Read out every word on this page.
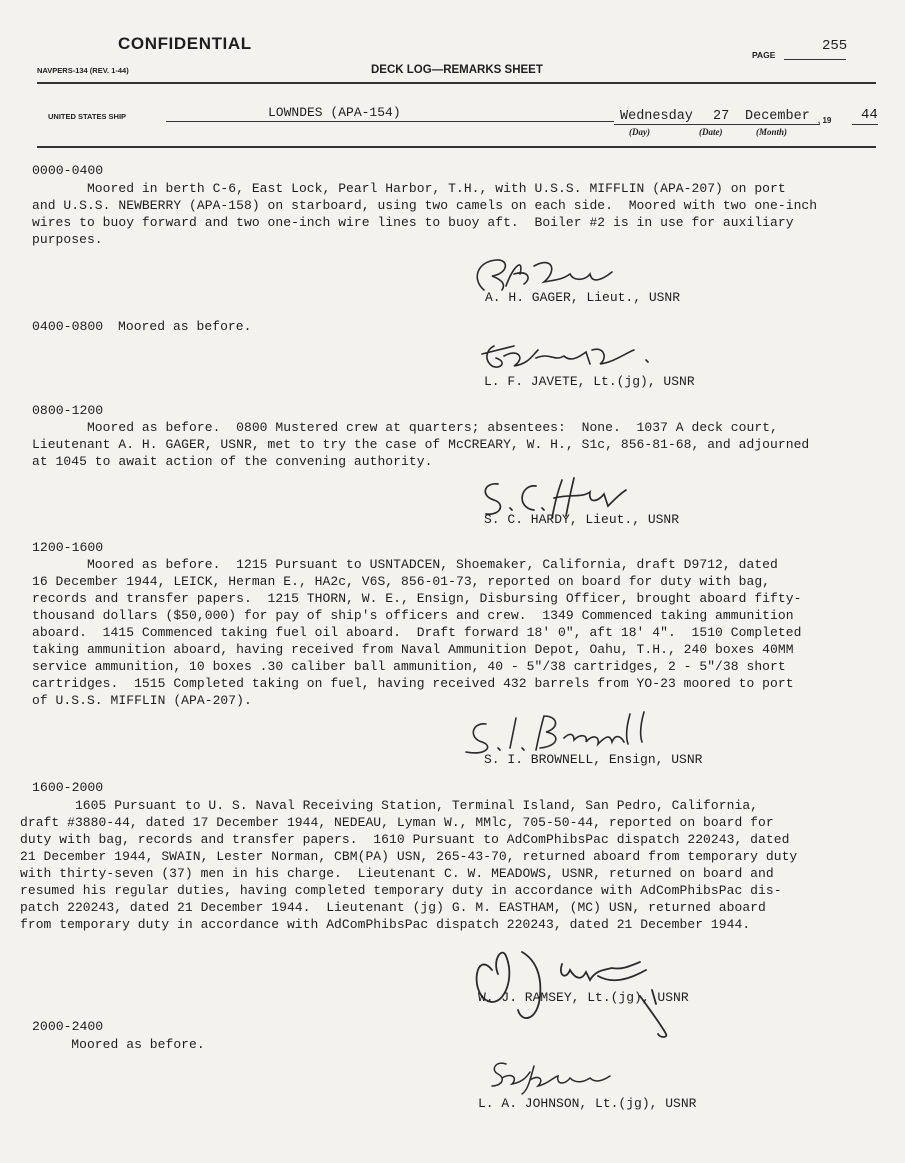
CONFIDENTIAL
PAGE
255
NAVPERS-134 (REV. 1-44)	DECK LOG—REMARKS SHEET
UNITED STATES SHIP	LOWNDES (APA-154)	Wednesday 27 December , 19 44
(Day)	(Date)	(Month)
0000-0400
Moored in berth C-6, East Lock, Pearl Harbor, T.H., with U.S.S. MIFFLIN (APA-207) on port
and U.S.S. NEWBERRY (APA-158) on starboard, using two camels on each side.  Moored with two one-inch
wires to buoy forward and two one-inch wire lines to buoy aft.  Boiler #2 is in use for auxiliary
purposes.
A. H. GAGER, Lieut., USNR
0400-0800 Moored as before.
L. F. JAVETE, Lt.(jg), USNR
0800-1200
Moored as before.  0800 Mustered crew at quarters; absentees:  None.  1037 A deck court,
Lieutenant A. H. GAGER, USNR, met to try the case of McCREARY, W. H., S1c, 856-81-68, and adjourned
at 1045 to await action of the convening authority.
S. C. HARDY, Lieut., USNR
1200-1600
Moored as before.  1215 Pursuant to USNTADCEN, Shoemaker, California, draft D9712, dated
16 December 1944, LEICK, Herman E., HA2c, V6S, 856-01-73, reported on board for duty with bag,
records and transfer papers.  1215 THORN, W. E., Ensign, Disbursing Officer, brought aboard fifty-
thousand dollars ($50,000) for pay of ship's officers and crew.  1349 Commenced taking ammunition
aboard.  1415 Commenced taking fuel oil aboard.  Draft forward 18' 0", aft 18' 4".  1510 Completed
taking ammunition aboard, having received from Naval Ammunition Depot, Oahu, T.H., 240 boxes 40MM
service ammunition, 10 boxes .30 caliber ball ammunition, 40 - 5"/38 cartridges, 2 - 5"/38 short
cartridges.  1515 Completed taking on fuel, having received 432 barrels from YO-23 moored to port
of U.S.S. MIFFLIN (APA-207).
S. I. BROWNELL, Ensign, USNR
1600-2000
1605 Pursuant to U. S. Naval Receiving Station, Terminal Island, San Pedro, California,
draft #3880-44, dated 17 December 1944, NEDEAU, Lyman W., MMlc, 705-50-44, reported on board for
duty with bag, records and transfer papers.  1610 Pursuant to AdComPhibsPac dispatch 220243, dated
21 December 1944, SWAIN, Lester Norman, CBM(PA) USN, 265-43-70, returned aboard from temporary duty
with thirty-seven (37) men in his charge.  Lieutenant C. W. MEADOWS, USNR, returned on board and
resumed his regular duties, having completed temporary duty in accordance with AdComPhibsPac dis-
patch 220243, dated 21 December 1944.  Lieutenant (jg) G. M. EASTHAM, (MC) USN, returned aboard
from temporary duty in accordance with AdComPhibsPac dispatch 220243, dated 21 December 1944.
W. J. RAMSEY, Lt.(jg), USNR
2000-2400
Moored as before.
L. A. JOHNSON, Lt.(jg), USNR
